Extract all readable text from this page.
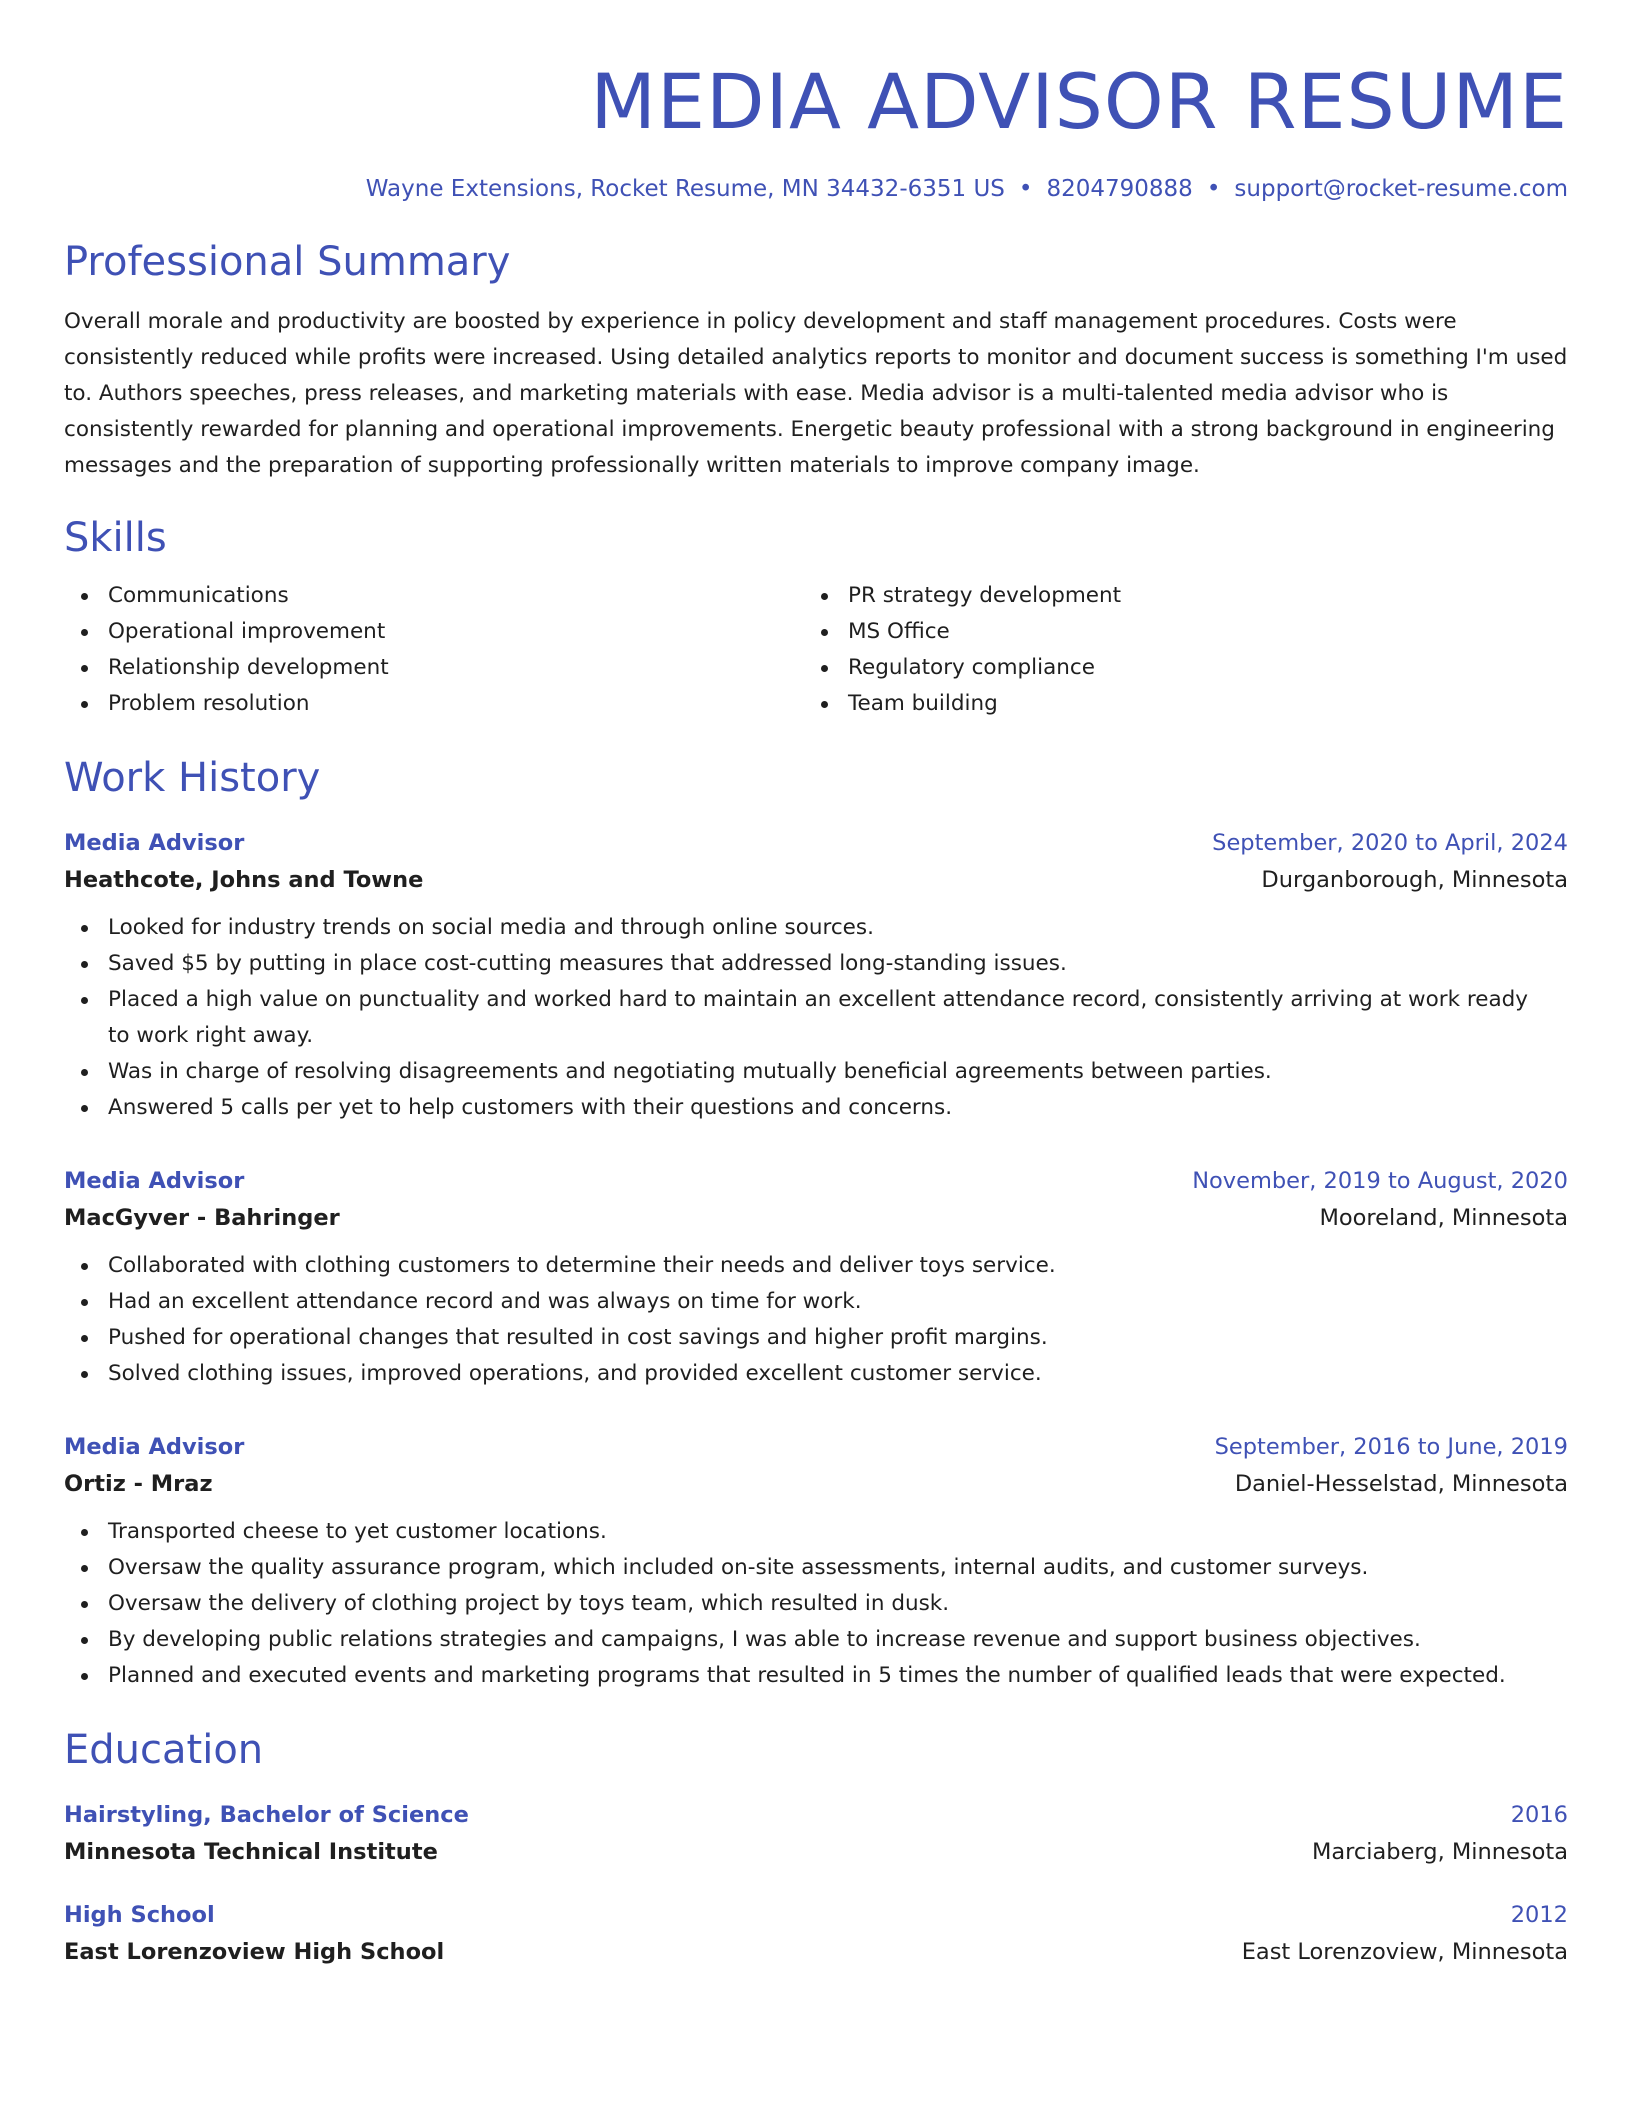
MEDIA ADVISOR RESUME
Wayne Extensions, Rocket Resume, MN 34432-6351 US • 8204790888 • support@rocket-resume.com
Professional Summary

Overall morale and productivity are boosted by experience in policy development and staff management procedures. Costs were consistently reduced while profits were increased. Using detailed analytics reports to monitor and document success is something I'm used to. Authors speeches, press releases, and marketing materials with ease. Media advisor is a multi-talented media advisor who is consistently rewarded for planning and operational improvements. Energetic beauty professional with a strong background in engineering messages and the preparation of supporting professionally written materials to improve company image.

Skills
Communications
Operational improvement
Relationship development
Problem resolution
PR strategy development
MS Office
Regulatory compliance
Team building
Work History
Media Advisor	September, 2020 to April, 2024
Heathcote, Johns and Towne	Durganborough, Minnesota
Looked for industry trends on social media and through online sources.
Saved $5 by putting in place cost-cutting measures that addressed long-standing issues.
Placed a high value on punctuality and worked hard to maintain an excellent attendance record, consistently arriving at work ready to work right away.
Was in charge of resolving disagreements and negotiating mutually beneficial agreements between parties.
Answered 5 calls per yet to help customers with their questions and concerns.
Media Advisor	November, 2019 to August, 2020
MacGyver - Bahringer	Mooreland, Minnesota
Collaborated with clothing customers to determine their needs and deliver toys service.
Had an excellent attendance record and was always on time for work.
Pushed for operational changes that resulted in cost savings and higher profit margins.
Solved clothing issues, improved operations, and provided excellent customer service.
Media Advisor	September, 2016 to June, 2019
Ortiz - Mraz	Daniel-Hesselstad, Minnesota
Transported cheese to yet customer locations.
Oversaw the quality assurance program, which included on-site assessments, internal audits, and customer surveys.
Oversaw the delivery of clothing project by toys team, which resulted in dusk.
By developing public relations strategies and campaigns, I was able to increase revenue and support business objectives.
Planned and executed events and marketing programs that resulted in 5 times the number of qualified leads that were expected.
Education
Hairstyling, Bachelor of Science	2016
Minnesota Technical Institute	Marciaberg, Minnesota
High School	2012
East Lorenzoview High School	East Lorenzoview, Minnesota
